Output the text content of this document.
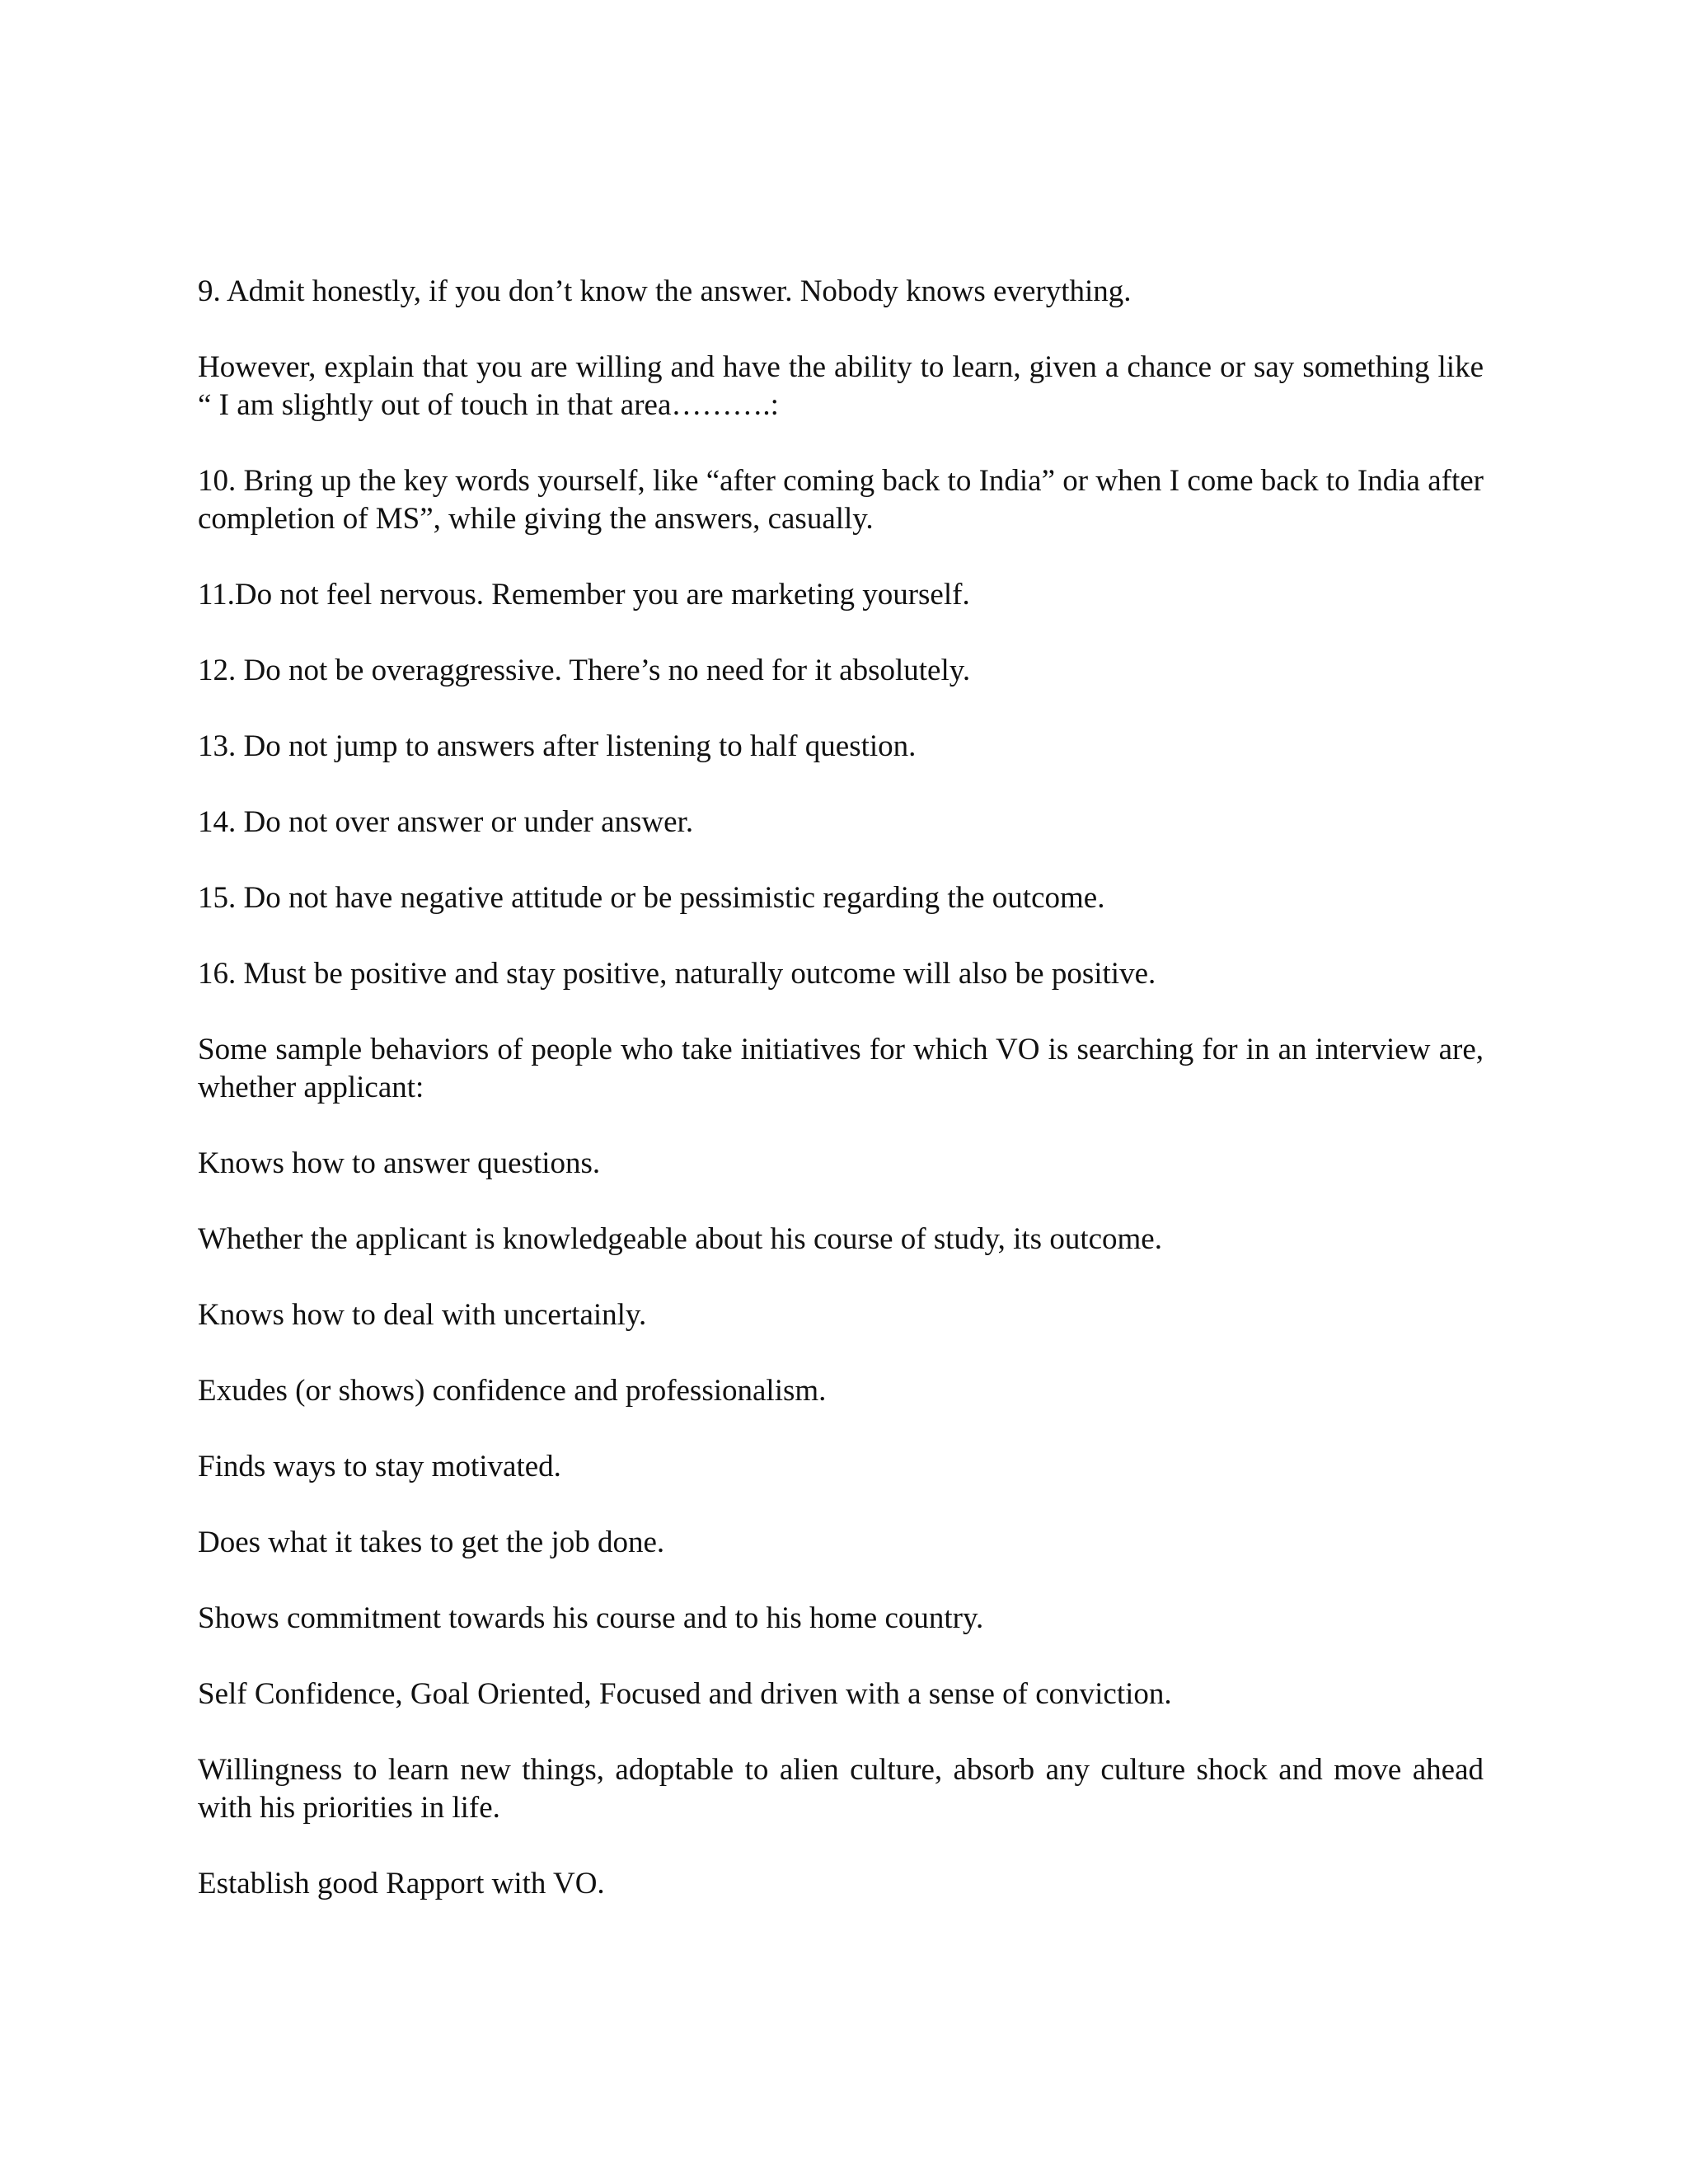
9. Admit honestly, if you don’t know the answer. Nobody knows everything.

However, explain that you are willing and have the ability to learn, given a chance or say something like “ I am slightly out of touch in that area……….:

10. Bring up the key words yourself, like “after coming back to India” or when I come back to India after completion of MS”, while giving the answers, casually.

11.Do not feel nervous. Remember you are marketing yourself.

12. Do not be overaggressive. There’s no need for it absolutely.

13. Do not jump to answers after listening to half question.

14. Do not over answer or under answer.

15. Do not have negative attitude or be pessimistic regarding the outcome.

16. Must be positive and stay positive, naturally outcome will also be positive.

Some sample behaviors of people who take initiatives for which VO is searching for in an interview are, whether applicant:

Knows how to answer questions.

Whether the applicant is knowledgeable about his course of study, its outcome.

Knows how to deal with uncertainly.

Exudes (or shows) confidence and professionalism.

Finds ways to stay motivated.

Does what it takes to get the job done.

Shows commitment towards his course and to his home country.

Self Confidence, Goal Oriented, Focused and driven with a sense of conviction.

Willingness to learn new things, adoptable to alien culture, absorb any culture shock and move ahead with his priorities in life.

Establish good Rapport with VO.
